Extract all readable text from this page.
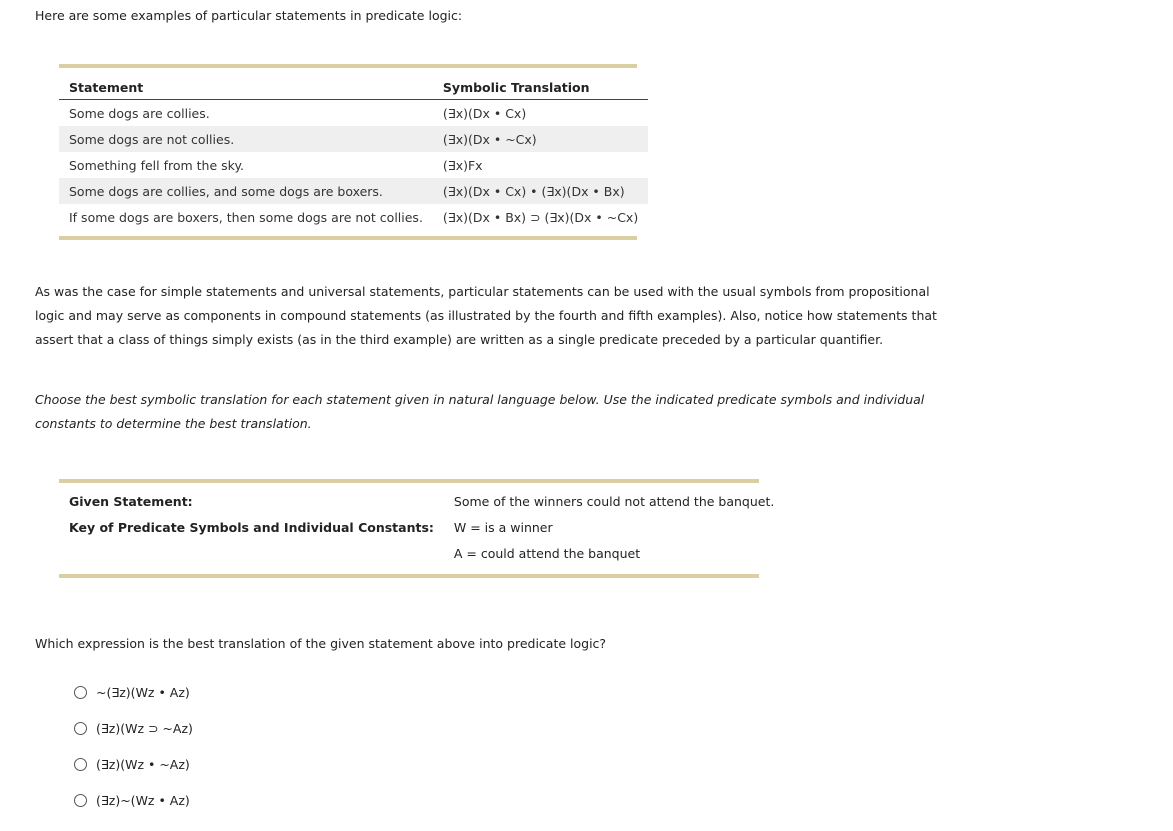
Here are some examples of particular statements in predicate logic:

Statement	Symbolic Translation
Some dogs are collies.	(∃x)(Dx • Cx)
Some dogs are not collies.	(∃x)(Dx • ~Cx)
Something fell from the sky.	(∃x)Fx
Some dogs are collies, and some dogs are boxers.	(∃x)(Dx • Cx) • (∃x)(Dx • Bx)
If some dogs are boxers, then some dogs are not collies.	(∃x)(Dx • Bx) ⊃ (∃x)(Dx • ~Cx)

As was the case for simple statements and universal statements, particular statements can be used with the usual symbols from propositional logic and may serve as components in compound statements (as illustrated by the fourth and fifth examples). Also, notice how statements that assert that a class of things simply exists (as in the third example) are written as a single predicate preceded by a particular quantifier.

Choose the best symbolic translation for each statement given in natural language below. Use the indicated predicate symbols and individual constants to determine the best translation.

Given Statement:	Some of the winners could not attend the banquet.
Key of Predicate Symbols and Individual Constants:	W = is a winner
	A = could attend the banquet

Which expression is the best translation of the given statement above into predicate logic?

~(∃z)(Wz • Az)
(∃z)(Wz ⊃ ~Az)
(∃z)(Wz • ~Az)
(∃z)~(Wz • Az)
